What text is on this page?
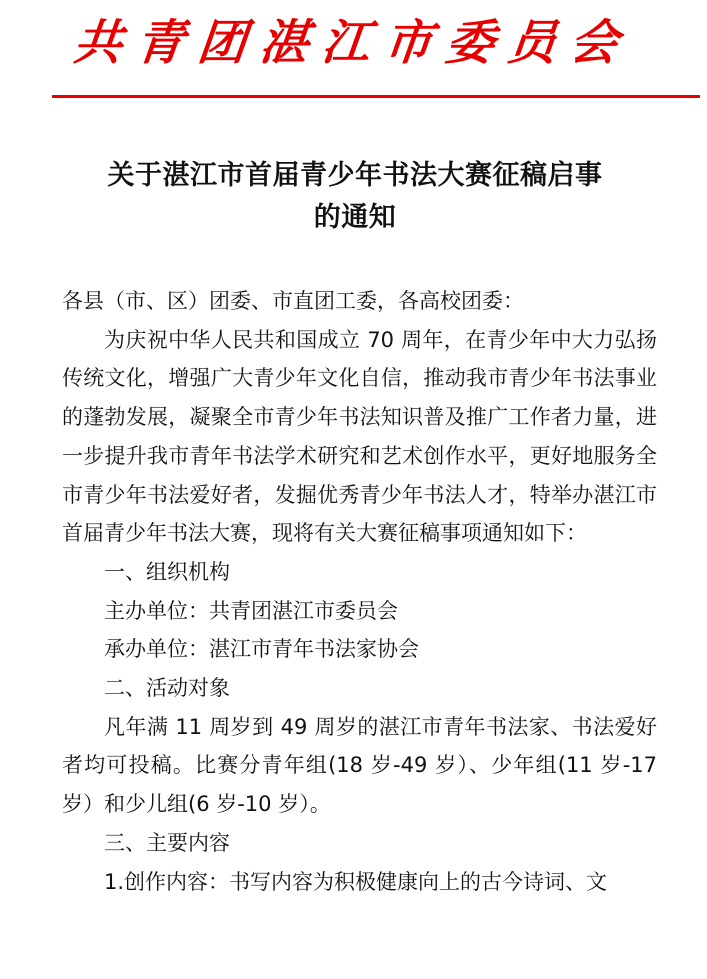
共青团湛江市委员会
关于湛江市首届青少年书法大赛征稿启事
的通知

各县（市、区）团委、市直团工委，各高校团委：

为庆祝中华人民共和国成立 70 周年，在青少年中大力弘扬传统文化，增强广大青少年文化自信，推动我市青少年书法事业的蓬勃发展，凝聚全市青少年书法知识普及推广工作者力量，进一步提升我市青年书法学术研究和艺术创作水平，更好地服务全市青少年书法爱好者，发掘优秀青少年书法人才，特举办湛江市首届青少年书法大赛，现将有关大赛征稿事项通知如下：

一、组织机构

主办单位：共青团湛江市委员会

承办单位：湛江市青年书法家协会

二、活动对象

凡年满 11 周岁到 49 周岁的湛江市青年书法家、书法爱好者均可投稿。比赛分青年组(18 岁-49 岁）、少年组(11 岁-17 岁）和少儿组(6 岁-10 岁）。

三、主要内容

1.创作内容：书写内容为积极健康向上的古今诗词、文
